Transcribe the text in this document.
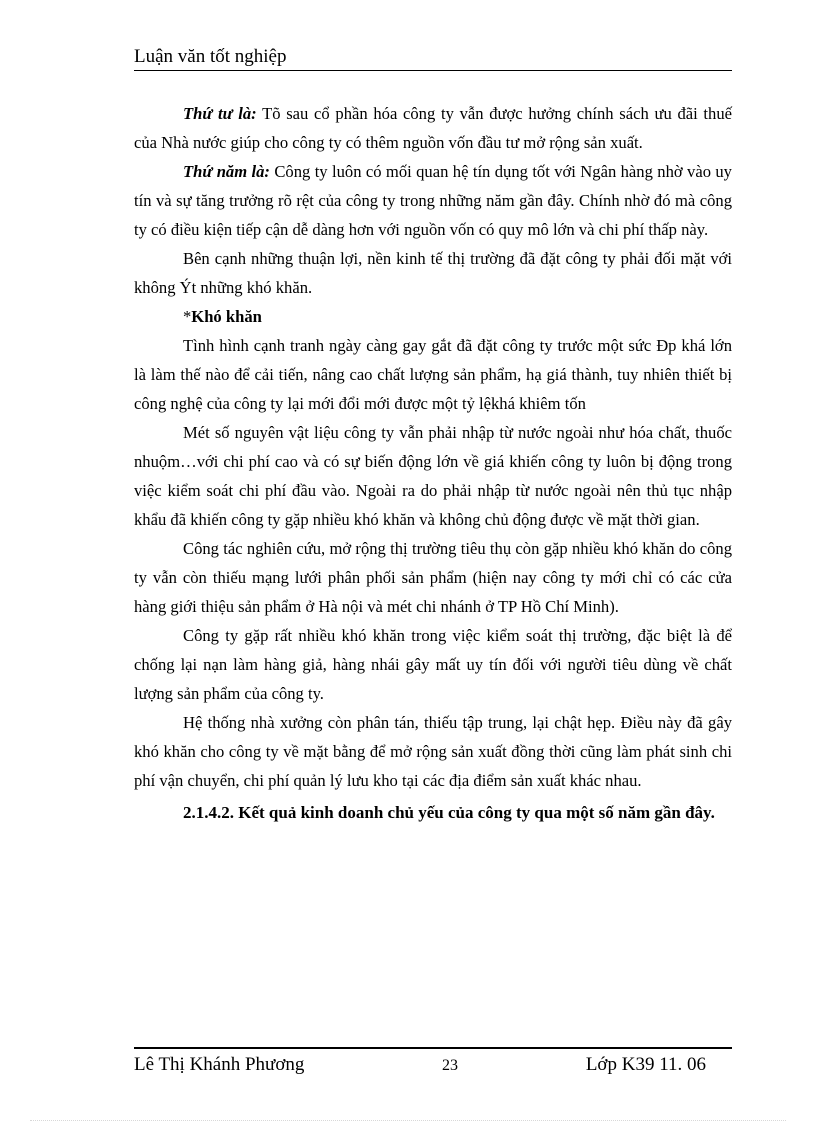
Luận văn tốt nghiệp

Thứ tư là: Tõ sau cổ phần hóa công ty vẫn được hưởng chính sách ưu đãi thuế của Nhà nước giúp cho công ty có thêm nguồn vốn đầu tư mở rộng sản xuất.

Thứ năm là: Công ty luôn có mối quan hệ tín dụng tốt với Ngân hàng nhờ vào uy tín và sự tăng trưởng rõ rệt của công ty trong những năm gần đây. Chính nhờ đó mà công ty có điều kiện tiếp cận dễ dàng hơn với nguồn vốn có quy mô lớn và chi phí thấp này.

Bên cạnh những thuận lợi, nền kinh tế thị trường đã đặt công ty phải đối mặt với không Ýt những khó khăn.

*Khó khăn

Tình hình cạnh tranh ngày càng gay gắt đã đặt công ty trước một sức Ðp khá lớn là làm thế nào để cải tiến, nâng cao chất lượng sản phẩm, hạ giá thành, tuy nhiên thiết bị công nghệ của công ty lại mới đổi mới được một tỷ lệkhá khiêm tốn

Mét số nguyên vật liệu công ty vẫn phải nhập từ nước ngoài như hóa chất, thuốc nhuộm…với chi phí cao và có sự biến động lớn về giá khiến công ty luôn bị động trong việc kiểm soát chi phí đầu vào. Ngoài ra do phải nhập từ nước ngoài nên thủ tục nhập khẩu đã khiến công ty gặp nhiều khó khăn và không chủ động được về mặt thời gian.

Công tác nghiên cứu, mở rộng thị trường tiêu thụ còn gặp nhiều khó khăn do công ty vẫn còn thiếu mạng lưới phân phối sản phẩm (hiện nay công ty mới chỉ có các cửa hàng giới thiệu sản phẩm ở Hà nội và mét chi nhánh ở TP Hồ Chí Minh).

Công ty gặp rất nhiều khó khăn trong việc kiểm soát thị trường, đặc biệt là để chống lại nạn làm hàng giả, hàng nhái gây mất uy tín đối với người tiêu dùng về chất lượng sản phẩm của công ty.

Hệ thống nhà xưởng còn phân tán, thiếu tập trung, lại chật hẹp. Điều này đã gây khó khăn cho công ty về mặt bằng để mở rộng sản xuất đồng thời cũng làm phát sinh chi phí vận chuyển, chi phí quản lý lưu kho tại các địa điểm sản xuất khác nhau.

2.1.4.2. Kết quả kinh doanh chủ yếu của công ty qua một số năm gần đây.

Lê Thị Khánh Phương	23	Lớp K39 11. 06
